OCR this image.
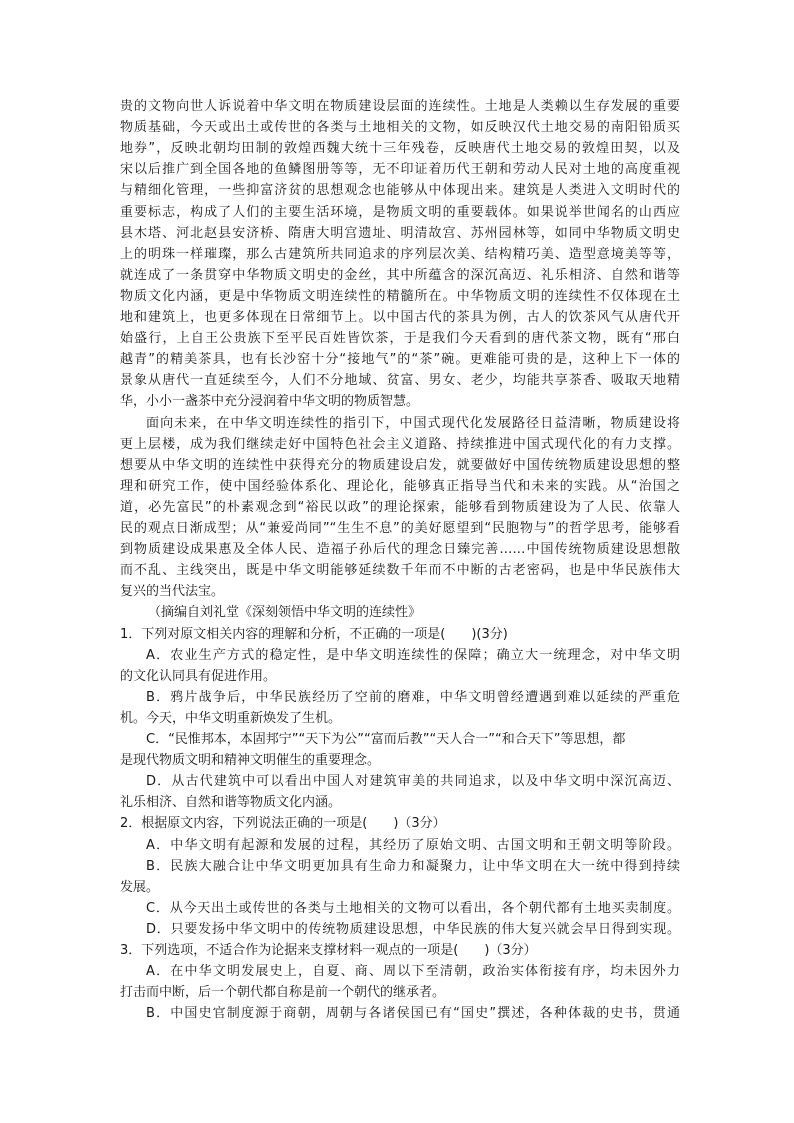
贵的文物向世人诉说着中华文明在物质建设层面的连续性。土地是人类赖以生存发展的重要
物质基础，今天或出土或传世的各类与土地相关的文物，如反映汉代土地交易的南阳铅质买
地券”，反映北朝均田制的敦煌西魏大统十三年残卷，反映唐代土地交易的敦煌田契，以及
宋以后推广到全国各地的鱼鳞图册等等，无不印证着历代王朝和劳动人民对土地的高度重视
与精细化管理，一些抑富济贫的思想观念也能够从中体现出来。建筑是人类进入文明时代的
重要标志，构成了人们的主要生活环境，是物质文明的重要载体。如果说举世闻名的山西应
县木塔、河北赵县安济桥、隋唐大明宫遗址、明清故宫、苏州园林等，如同中华物质文明史
上的明珠一样璀璨，那么古建筑所共同追求的序列层次美、结构精巧美、造型意境美等等，
就连成了一条贯穿中华物质文明史的金丝，其中所蕴含的深沉高迈、礼乐相济、自然和谐等
物质文化内涵，更是中华物质文明连续性的精髓所在。中华物质文明的连续性不仅体现在土
地和建筑上，也更多体现在日常细节上。以中国古代的茶具为例，古人的饮茶风气从唐代开
始盛行，上自王公贵族下至平民百姓皆饮茶，于是我们今天看到的唐代茶文物，既有“邢白
越青”的精美茶具，也有长沙窑十分“接地气”的“茶”碗。更难能可贵的是，这种上下一体的
景象从唐代一直延续至今，人们不分地域、贫富、男女、老少，均能共享茶香、吸取天地精
华，小小一盏茶中充分浸润着中华文明的物质智慧。
面向未来，在中华文明连续性的指引下，中国式现代化发展路径日益清晰，物质建设将
更上层楼，成为我们继续走好中国特色社会主义道路、持续推进中国式现代化的有力支撑。
想要从中华文明的连续性中获得充分的物质建设启发，就要做好中国传统物质建设思想的整
理和研究工作，使中国经验体系化、理论化，能够真正指导当代和未来的实践。从“治国之
道，必先富民”的朴素观念到“裕民以政”的理论探索，能够看到物质建设为了人民、依靠人
民的观点日渐成型；从“兼爱尚同”“生生不息”的美好愿望到“民胞物与”的哲学思考，能够看
到物质建设成果惠及全体人民、造福子孙后代的理念日臻完善……中国传统物质建设思想散
而不乱、主线突出，既是中华文明能够延续数千年而不中断的古老密码，也是中华民族伟大
复兴的当代法宝。
（摘编自刘礼堂《深刻领悟中华文明的连续性》
1．下列对原文相关内容的理解和分析，不正确的一项是(　　)(3分)
A．农业生产方式的稳定性，是中华文明连续性的保障；确立大一统理念，对中华文明
的文化认同具有促进作用。
B．鸦片战争后，中华民族经历了空前的磨难，中华文明曾经遭遇到难以延续的严重危
机。今天，中华文明重新焕发了生机。
C．“民惟邦本，本固邦宁”“天下为公”“富而后教”“天人合一”“和合天下”等思想，都
是现代物质文明和精神文明催生的重要理念。
D．从古代建筑中可以看出中国人对建筑审美的共同追求，以及中华文明中深沉高迈、
礼乐相济、自然和谐等物质文化内涵。
2．根据原文内容，下列说法正确的一项是(　　)（3分）
A．中华文明有起源和发展的过程，其经历了原始文明、古国文明和王朝文明等阶段。
B．民族大融合让中华文明更加具有生命力和凝聚力，让中华文明在大一统中得到持续
发展。
C．从今天出土或传世的各类与土地相关的文物可以看出，各个朝代都有土地买卖制度。
D．只要发扬中华文明中的传统物质建设思想，中华民族的伟大复兴就会早日得到实现。
3．下列选项，不适合作为论据来支撑材料一观点的一项是(　　)（3分）
A．在中华文明发展史上，自夏、商、周以下至清朝，政治实体衔接有序，均未因外力
打击而中断，后一个朝代都自称是前一个朝代的继承者。
B．中国史官制度源于商朝，周朝与各诸侯国已有“国史”撰述，各种体裁的史书，贯通
